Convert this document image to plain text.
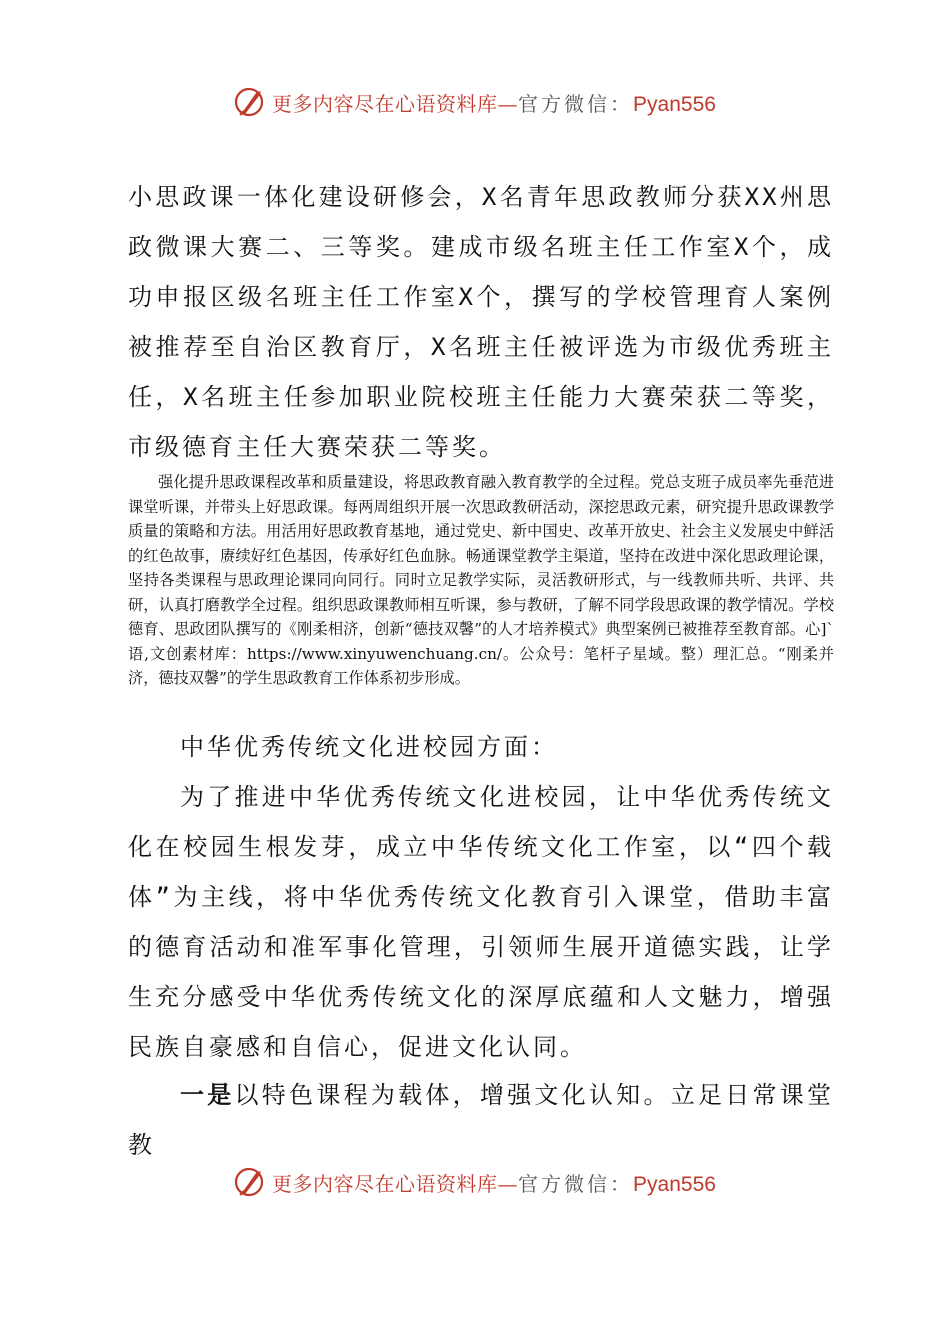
更多内容尽在心语资料库—官方微信：Pyan556

小思政课一体化建设研修会，X名青年思政教师分获XX州思政微课大赛二、三等奖。建成市级名班主任工作室X个，成功申报区级名班主任工作室X个，撰写的学校管理育人案例被推荐至自治区教育厅，X名班主任被评选为市级优秀班主任，X名班主任参加职业院校班主任能力大赛荣获二等奖，市级德育主任大赛荣获二等奖。

强化提升思政课程改革和质量建设，将思政教育融入教育教学的全过程。党总支班子成员率先垂范进课堂听课，并带头上好思政课。每两周组织开展一次思政教研活动，深挖思政元素，研究提升思政课教学质量的策略和方法。用活用好思政教育基地，通过党史、新中国史、改革开放史、社会主义发展史中鲜活的红色故事，赓续好红色基因，传承好红色血脉。畅通课堂教学主渠道，坚持在改进中深化思政理论课，坚持各类课程与思政理论课同向同行。同时立足教学实际，灵活教研形式，与一线教师共听、共评、共研，认真打磨教学全过程。组织思政课教师相互听课，参与教研，了解不同学段思政课的教学情况。学校德育、思政团队撰写的《刚柔相济，创新“德技双馨”的人才培养模式》典型案例已被推荐至教育部。心]`语,文创素材库：https://www.xinyuwenchuang.cn/。公众号：笔杆子星域。整）理汇总。“刚柔并济，德技双馨”的学生思政教育工作体系初步形成。

中华优秀传统文化进校园方面：

为了推进中华优秀传统文化进校园，让中华优秀传统文化在校园生根发芽，成立中华传统文化工作室，以“四个载体”为主线，将中华优秀传统文化教育引入课堂，借助丰富的德育活动和准军事化管理，引领师生展开道德实践，让学生充分感受中华优秀传统文化的深厚底蕴和人文魅力，增强民族自豪感和自信心，促进文化认同。

一是以特色课程为载体，增强文化认知。立足日常课堂教

更多内容尽在心语资料库—官方微信：Pyan556
